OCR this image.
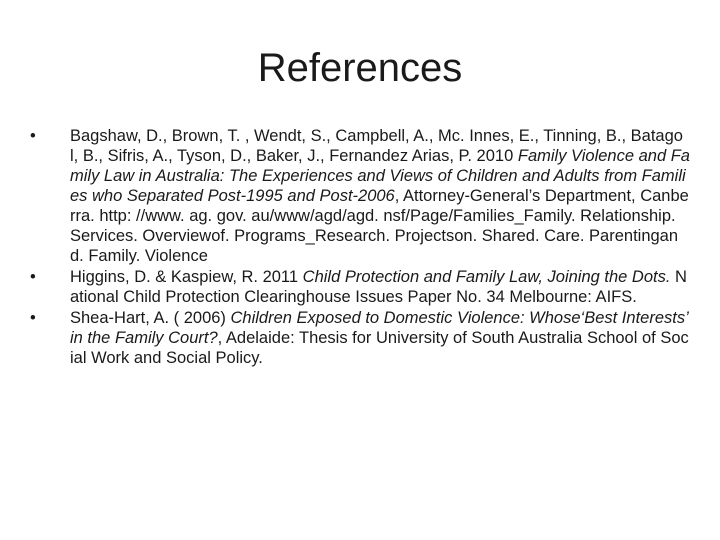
References
•	Bagshaw, D., Brown, T. , Wendt, S., Campbell, A., Mc. Innes, E., Tinning, B., Batagol, B., Sifris, A., Tyson, D., Baker, J., Fernandez Arias, P. 2010 Family Violence and Family Law in Australia: The Experiences and Views of Children and Adults from Families who Separated Post-1995 and Post-2006, Attorney-General’s Department, Canberra. http: //www. ag. gov. au/www/agd/agd. nsf/Page/Families_Family. Relationship. Services. Overviewof. Programs_Research. Projectson. Shared. Care. Parentingand. Family. Violence
•	Higgins, D. & Kaspiew, R. 2011 Child Protection and Family Law, Joining the Dots. National Child Protection Clearinghouse Issues Paper No. 34 Melbourne: AIFS.
•	Shea-Hart, A. ( 2006) Children Exposed to Domestic Violence: Whose‘Best Interests’ in the Family Court?, Adelaide: Thesis for University of South Australia School of Social Work and Social Policy.
